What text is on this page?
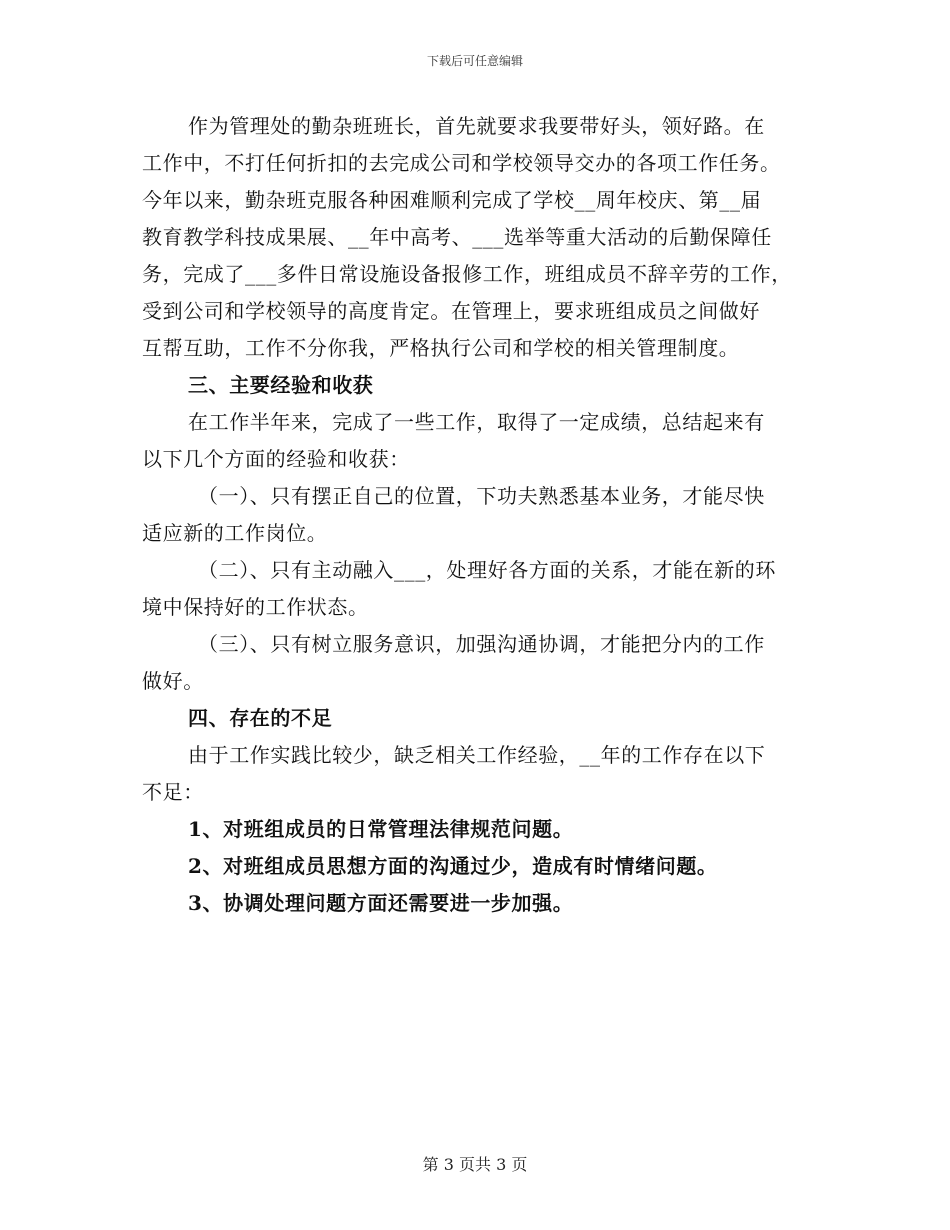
下载后可任意编辑
作为管理处的勤杂班班长，首先就要求我要带好头，领好路。在
工作中，不打任何折扣的去完成公司和学校领导交办的各项工作任务。
今年以来，勤杂班克服各种困难顺利完成了学校__周年校庆、第__届
教育教学科技成果展、__年中高考、___选举等重大活动的后勤保障任
务，完成了___多件日常设施设备报修工作，班组成员不辞辛劳的工作，
受到公司和学校领导的高度肯定。在管理上，要求班组成员之间做好
互帮互助，工作不分你我，严格执行公司和学校的相关管理制度。
三、主要经验和收获
在工作半年来，完成了一些工作，取得了一定成绩，总结起来有
以下几个方面的经验和收获：
（一）、只有摆正自己的位置，下功夫熟悉基本业务，才能尽快
适应新的工作岗位。
（二）、只有主动融入___，处理好各方面的关系，才能在新的环
境中保持好的工作状态。
（三）、只有树立服务意识，加强沟通协调，才能把分内的工作
做好。
四、存在的不足
由于工作实践比较少，缺乏相关工作经验，__年的工作存在以下
不足：
1、对班组成员的日常管理法律规范问题。
2、对班组成员思想方面的沟通过少，造成有时情绪问题。
3、协调处理问题方面还需要进一步加强。
第 3 页共 3 页
